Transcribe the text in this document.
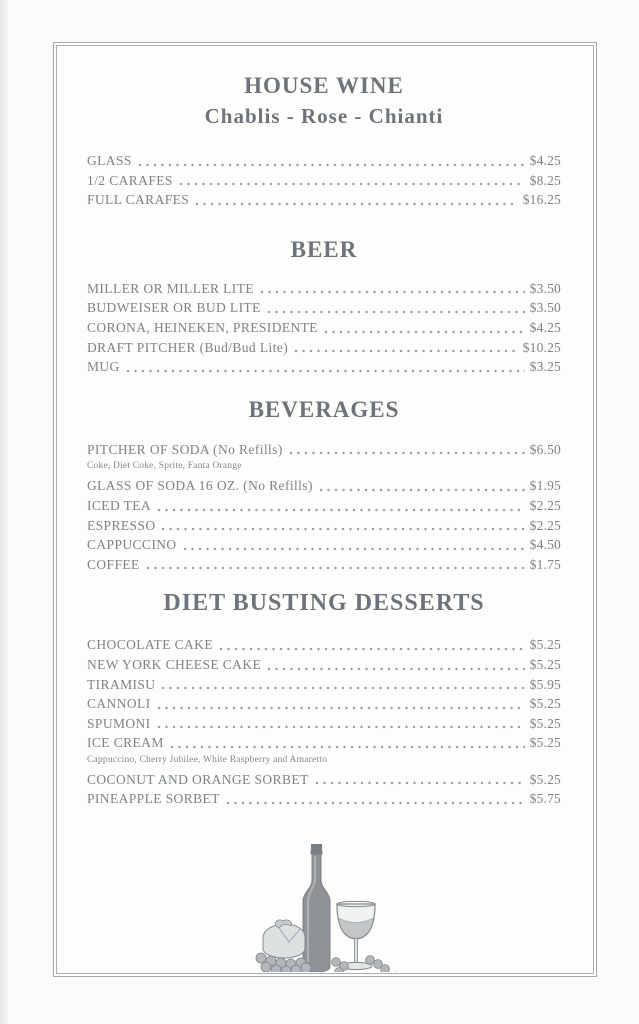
HOUSE WINE
Chablis - Rose - Chianti
GLASS	$4.25
1/2 CARAFES	$8.25
FULL CARAFES	$16.25
BEER
MILLER OR MILLER LITE	$3.50
BUDWEISER OR BUD LITE	$3.50
CORONA, HEINEKEN, PRESIDENTE	$4.25
DRAFT PITCHER (Bud/Bud Lite)	$10.25
MUG	$3.25
BEVERAGES
PITCHER OF SODA (No Refills)	$6.50
Coke, Diet Coke, Sprite, Fanta Orange
GLASS OF SODA 16 OZ. (No Refills)	$1.95
ICED TEA	$2.25
ESPRESSO	$2.25
CAPPUCCINO	$4.50
COFFEE	$1.75
DIET BUSTING DESSERTS
CHOCOLATE CAKE	$5.25
NEW YORK CHEESE CAKE	$5.25
TIRAMISU	$5.95
CANNOLI	$5.25
SPUMONI	$5.25
ICE CREAM	$5.25
Cappuccino, Cherry Jubilee, White Raspberry and Amaretto
COCONUT AND ORANGE SORBET	$5.25
PINEAPPLE SORBET	$5.75
